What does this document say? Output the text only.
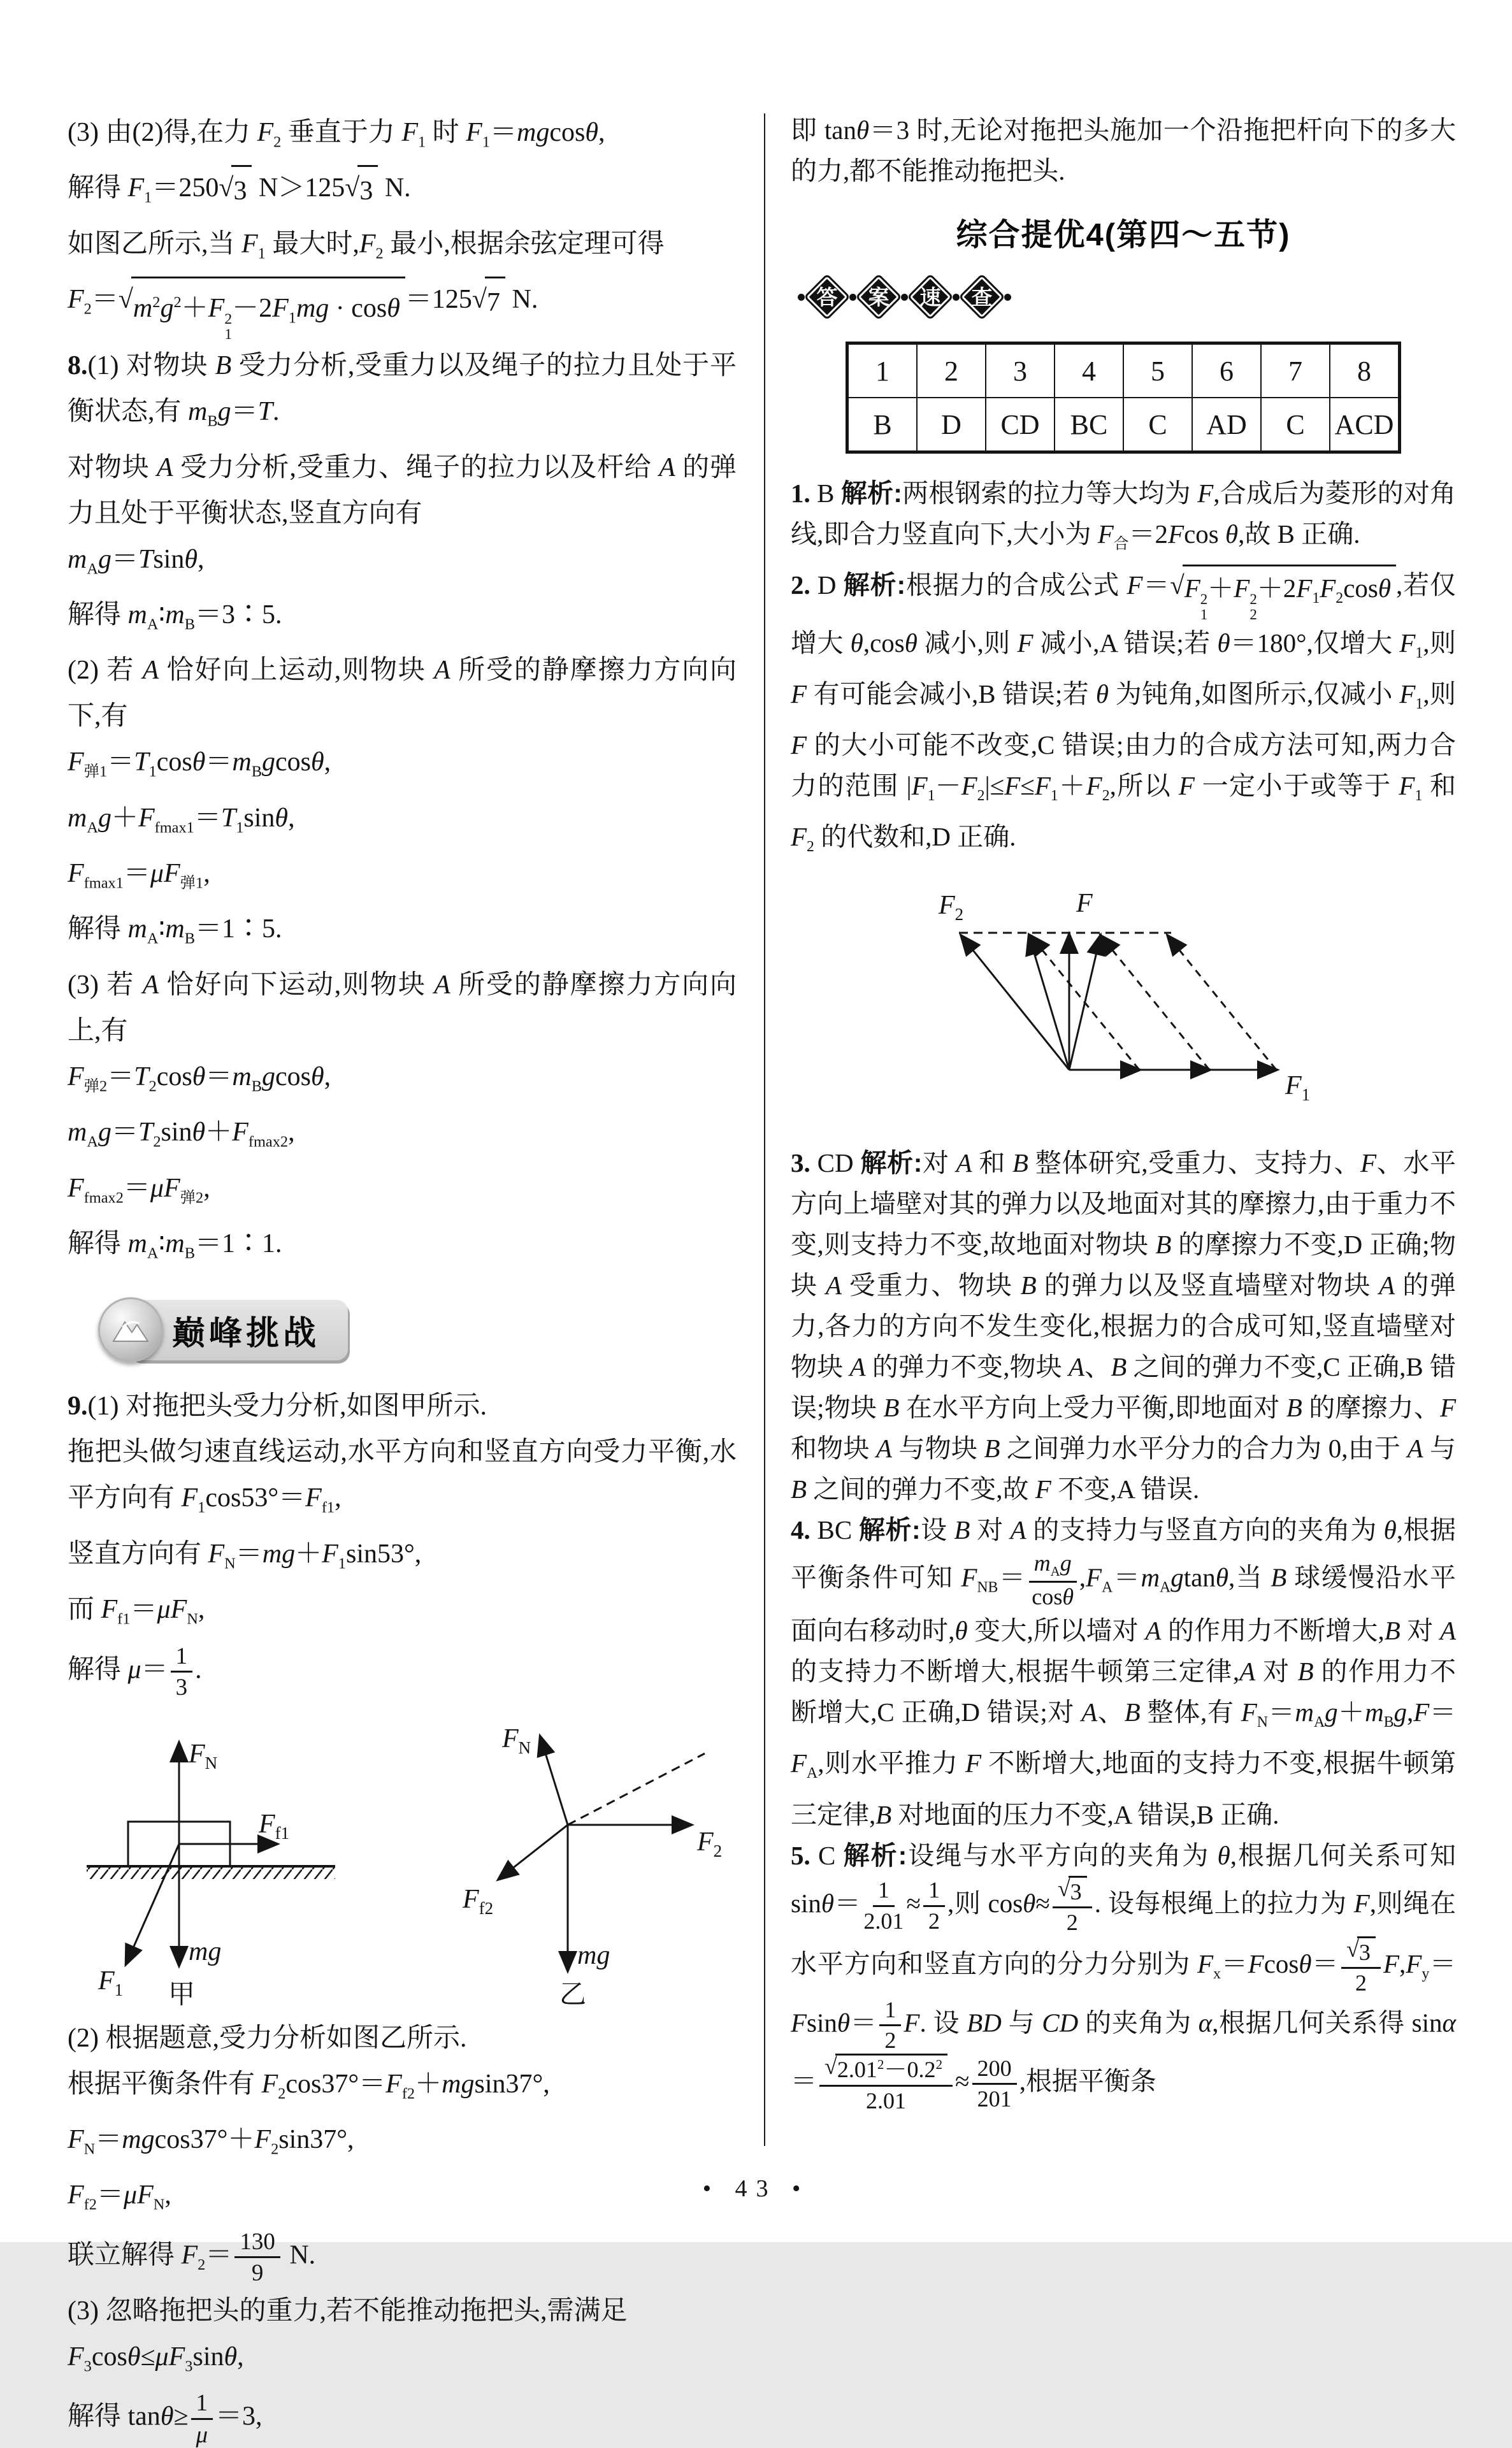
(3) 由(2)得,在力 $F_2$ 垂直于力 $F_1$ 时 $F_1=mgcos\theta$,
解得 $F_1=250$ √ 3 N＞125 √ 3 N.
如图乙所示,当 $F_1$ 最大时$,F_2$ 最小,根据余弦定理可得
$F_2=$ √ $m^2g^2+F$ 2
1
$-2F_1mg \cdot \cos\theta =125$ √ 7 N.
8.(1) 对物块 B 受力分析,受重力以及绳子的拉力且处于平衡状态,有 $m_Bg=T$.
对物块 A 受力分析,受重力、绳子的拉力以及杆给 A 的弹力且处于平衡状态,竖直方向有
$m_Ag=Tsin\theta$,
解得 $m_A∶m_B=3∶5$.
(2) 若 A 恰好向上运动,则物块 A 所受的静摩擦力方向向下,有
$F_{弹1}=T_1\cos\theta=m_Bgcos\theta$,
$m_Ag+F_{fmax1}=T_1\sin\theta$,
$F_{fmax1}=\mu F_{弹1}$,
解得 $m_A∶m_B=1∶5$.
(3) 若 A 恰好向下运动,则物块 A 所受的静摩擦力方向向上,有
$F_{弹2}=T_2\cos\theta=m_Bgcos\theta$,
$m_Ag=T_2\sin\theta+F_{fmax2}$,
$F_{fmax2}=\mu F_{弹2}$,
解得 $m_A∶m_B=1∶1$.
巅峰挑战
9.(1) 对拖把头受力分析,如图甲所示.
拖把头做匀速直线运动,水平方向和竖直方向受力平衡,水平方向有 $F_1\cos 53^\circ=F_{f1}$,
竖直方向有 $F_N=mg+F_1\sin 53^\circ$,
而 $F_{f1}=\mu F_N$,
解得 $\mu= \frac{1}{3}$ .
$F_N$
$F_{f1}$
$F_1$
mg
甲
$F_N$
$F_2$
$F_{f2}$
mg
乙
(2) 根据题意,受力分析如图乙所示.
根据平衡条件有 $F_2\cos 37^\circ=F_{f2}+mgsin37^\circ$,
$F_N=mgcos37^\circ+F_2\sin 37^\circ$,
$F_{f2}=\mu F_N$,
联立解得 $F_2= \frac{130}{9} N$.
(3) 忽略拖把头的重力,若不能推动拖把头,需满足
$F_3\cos\theta\le\mu F_3\sin\theta$,
解得 $\tan\theta\ge \frac{1}{\mu} =3$,
即 tanθ＝3 时,无论对拖把头施加一个沿拖把杆向下的多大的力,都不能推动拖把头.
综合提优4(第四～五节)
答 案 速 查
1	2	3	4	5	6	7	8
B	D	CD	BC	C	AD	C	ACD
1. B 解析:两根钢索的拉力等大均为 F,合成后为菱形的对角线,即合力竖直向下,大小为 $F_合=2Fcos$ θ,故 B 正确.
2. D 解析:根据力的合成公式 F＝ √ F 2
1
＋F 2
2
$+2F_1F_2\cos\theta$ ,若仅增大 θ,cosθ 减小,则 F 减小,A 错误;若 θ＝180°,仅增大 $F_1$,则 F 有可能会减小,B 错误;若 θ 为钝角,如图所示,仅减小 $F_1$,则 F 的大小可能不改变,C 错误;由力的合成方法可知,两力合力的范围 $|F_1-F_2|\le F\le F_1+F_2$,所以 F 一定小于或等于 $F_1$ 和 $F_2$ 的代数和,D 正确.
$F_2$	F
$F_1$
3. CD 解析:对 A 和 B 整体研究,受重力、支持力、F、水平方向上墙壁对其的弹力以及地面对其的摩擦力,由于重力不变,则支持力不变,故地面对物块 B 的摩擦力不变,D 正确;物块 A 受重力、物块 B 的弹力以及竖直墙壁对物块 A 的弹力,各力的方向不发生变化,根据力的合成可知,竖直墙壁对物块 A 的弹力不变,物块 A、B 之间的弹力不变,C 正确,B 错误;物块 B 在水平方向上受力平衡,即地面对 B 的摩擦力、F 和物块 A 与物块 B 之间弹力水平分力的合力为 0,由于 A 与 B 之间的弹力不变,故 F 不变,A 错误.
4. BC 解析:设 B 对 A 的支持力与竖直方向的夹角为 θ,根据平衡条件可知 $F_{NB}= \frac{m_Ag}{\cos\theta} ,F_A=m_Agtan\theta$,当 B 球缓慢沿水平面向右移动时,θ 变大,所以墙对 A 的作用力不断增大,B 对 A 的支持力不断增大,根据牛顿第三定律,A 对 B 的作用力不断增大,C 正确,D 错误;对 A、B 整体,有 $F_N=m_Ag+m_Bg,F=F_A$,则水平推力 F 不断增大,地面的支持力不变,根据牛顿第三定律,B 对地面的压力不变,A 错误,B 正确.
5. C 解析:设绳与水平方向的夹角为 θ,根据几何关系可知 $\sin\theta= \frac{1}{2.01} \approx \frac{1}{2}$ ,则 $\cos\theta\approx \frac{√ 3}{2}$ . 设每根绳上的拉力为 F,则绳在水平方向和竖直方向的分力分别为 $F_x=Fcos\theta= \frac{√ 3}{2} F,F_y=Fsin\theta= \frac{1}{2} F$. 设 BD 与 CD 的夹角为 α,根据几何关系得 $\sin\alpha= \frac{√ 2.01^2-0.2^2}{2.01} \approx \frac{200}{201}$ ,根据平衡条
• 43 •
